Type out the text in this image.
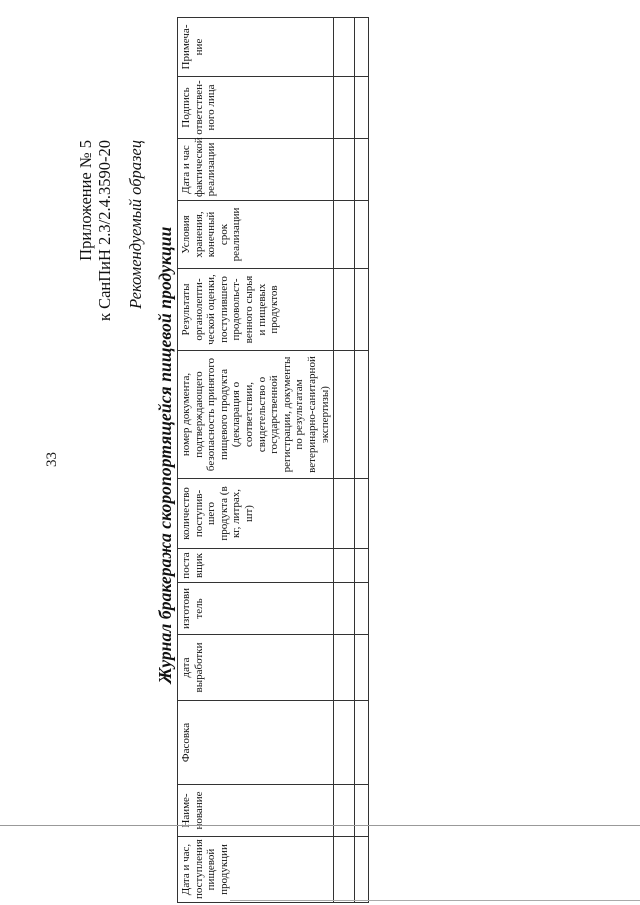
33
Приложение № 5 к СанПиН 2.3/2.4.3590-20 Рекомендуемый образец
Журнал бракеража скоропортящейся пищевой продукции
Дата и час, поступления пищевой продукции	Наиме-нование	Фасовка	дата выработки	изготови тель	поста вщик	количество поступив-шего продукта (в кг, литрах, шт)	номер документа, подтверждающего безопасность принятого пищевого продукта (декларация о соответствии, свидетельство о государственной регистрации, документы по результатам ветеринарно-санитарной экспертизы)	Результаты органолепти-ческой оценки, поступившего продовольст-венного сырья и пищевых продуктов	Условия хранения, конечный срок реализации	Дата и час фактической реализации	Подпись ответствен-ного лица	Примеча-ние
